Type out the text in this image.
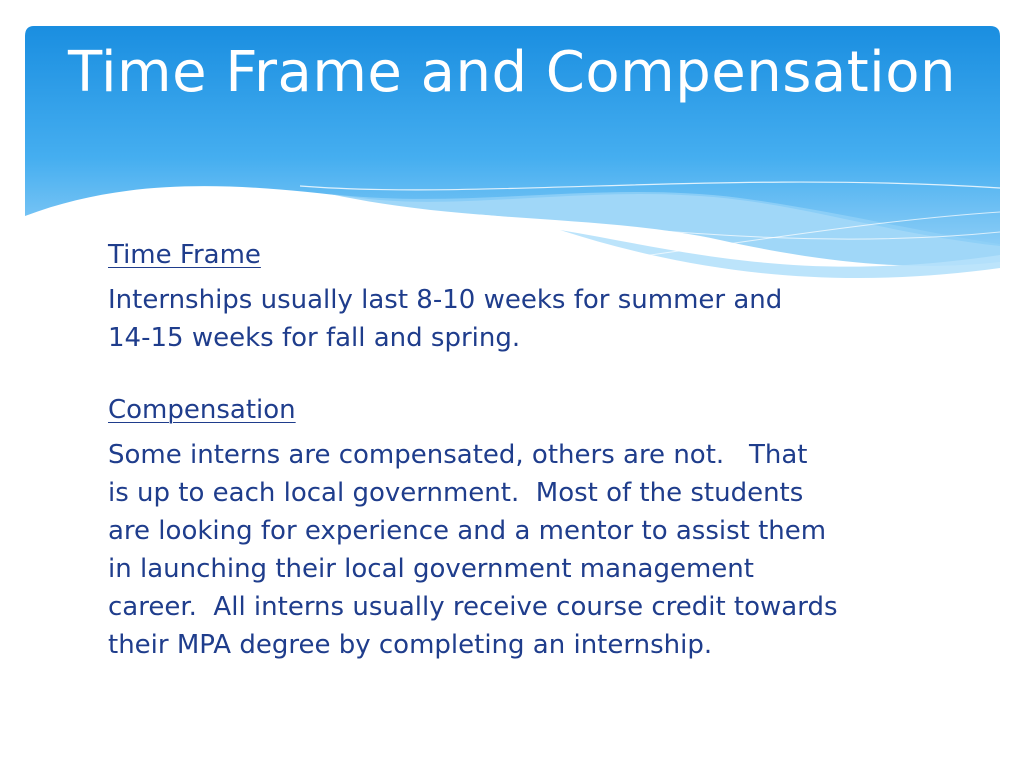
Time Frame and Compensation
Time Frame

Internships usually last 8-10 weeks for summer and
14-15 weeks for fall and spring.

Compensation

Some interns are compensated, others are not.   That
is up to each local government.  Most of the students
are looking for experience and a mentor to assist them
in launching their local government management
career.  All interns usually receive course credit towards
their MPA degree by completing an internship.
